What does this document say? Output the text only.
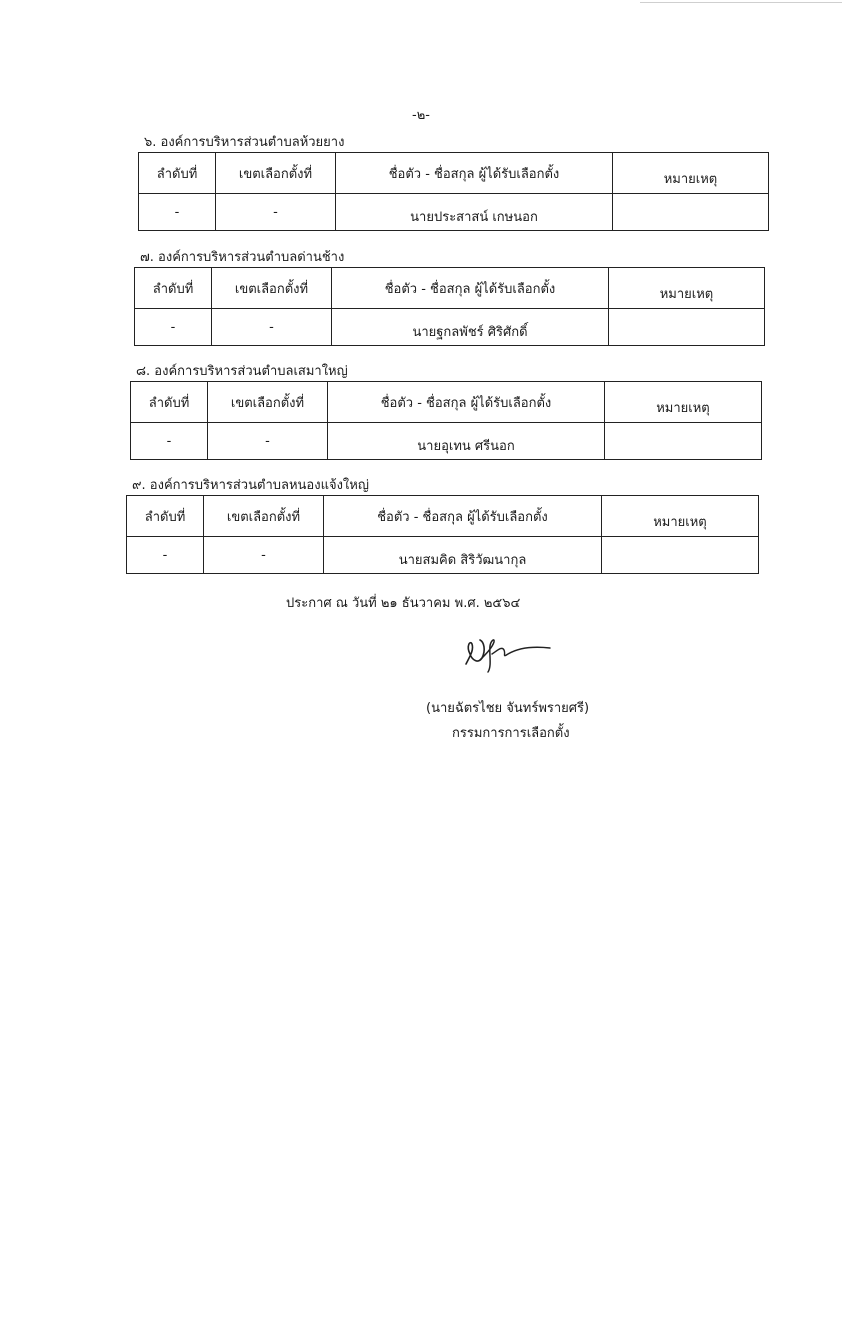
-๒-
๖. องค์การบริหารส่วนตำบลห้วยยาง
ลำดับที่	เขตเลือกตั้งที่	ชื่อตัว - ชื่อสกุล ผู้ได้รับเลือกตั้ง	หมายเหตุ
-	-	นายประสาสน์ เกษนอก	
๗. องค์การบริหารส่วนตำบลด่านช้าง
ลำดับที่	เขตเลือกตั้งที่	ชื่อตัว - ชื่อสกุล ผู้ได้รับเลือกตั้ง	หมายเหตุ
-	-	นายฐกลพัชร์ ศิริศักดิ์	
๘. องค์การบริหารส่วนตำบลเสมาใหญ่
ลำดับที่	เขตเลือกตั้งที่	ชื่อตัว - ชื่อสกุล ผู้ได้รับเลือกตั้ง	หมายเหตุ
-	-	นายอุเทน ศรีนอก	
๙. องค์การบริหารส่วนตำบลหนองแจ้งใหญ่
ลำดับที่	เขตเลือกตั้งที่	ชื่อตัว - ชื่อสกุล ผู้ได้รับเลือกตั้ง	หมายเหตุ
-	-	นายสมคิด สิริวัฒนากุล	
ประกาศ ณ วันที่ ๒๑ ธันวาคม พ.ศ. ๒๕๖๔
(นายฉัตรไชย จันทร์พรายศรี)
กรรมการการเลือกตั้ง
